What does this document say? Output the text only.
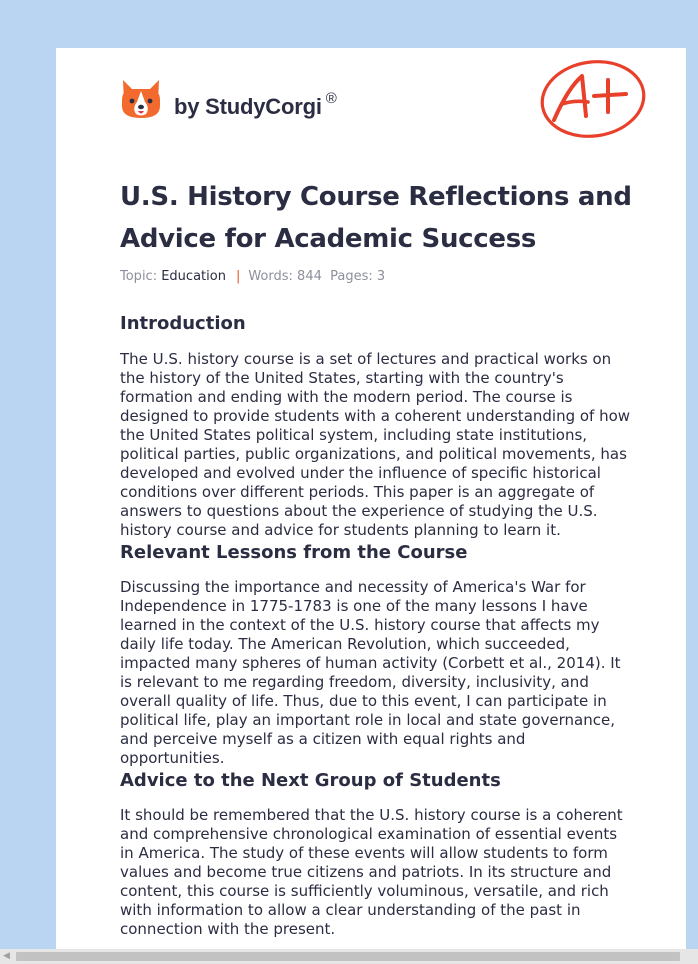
by StudyCorgi ®
U.S. History Course Reflections and Advice for Academic Success
Topic: Education | Words: 844 Pages: 3
Introduction

The U.S. history course is a set of lectures and practical works on the history of the United States, starting with the country's formation and ending with the modern period. The course is designed to provide students with a coherent understanding of how the United States political system, including state institutions, political parties, public organizations, and political movements, has developed and evolved under the influence of specific historical conditions over different periods. This paper is an aggregate of answers to questions about the experience of studying the U.S. history course and advice for students planning to learn it.

Relevant Lessons from the Course

Discussing the importance and necessity of America's War for Independence in 1775-1783 is one of the many lessons I have learned in the context of the U.S. history course that affects my daily life today. The American Revolution, which succeeded, impacted many spheres of human activity (Corbett et al., 2014). It is relevant to me regarding freedom, diversity, inclusivity, and overall quality of life. Thus, due to this event, I can participate in political life, play an important role in local and state governance, and perceive myself as a citizen with equal rights and opportunities.

Advice to the Next Group of Students

It should be remembered that the U.S. history course is a coherent and comprehensive chronological examination of essential events in America. The study of these events will allow students to form values and become true citizens and patriots. In its structure and content, this course is sufficiently voluminous, versatile, and rich with information to allow a clear understanding of the past in connection with the present.

◀
